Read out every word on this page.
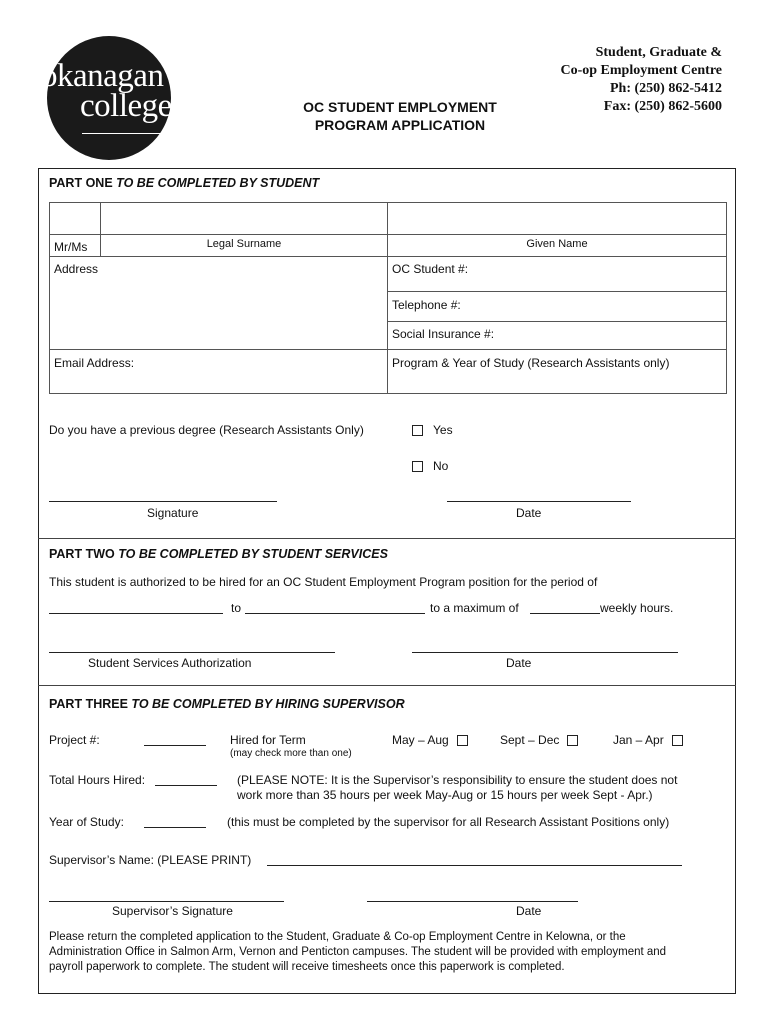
okanagan
college	OC STUDENT EMPLOYMENT
PROGRAM APPLICATION
Student, Graduate &
Co-op Employment Centre
Ph: (250) 862-5412
Fax: (250) 862-5600
PART ONE TO BE COMPLETED BY STUDENT

Mr/Ms	Legal Surname	Given Name
Address		OC Student #:
		Telephone #:
		Social Insurance #:
Email Address:		Program & Year of Study (Research Assistants only)
Do you have a previous degree (Research Assistants Only)	Yes
No
Signature	Date
PART TWO TO BE COMPLETED BY STUDENT SERVICES
This student is authorized to be hired for an OC Student Employment Program position for the period of
to	to a maximum of	weekly hours.
Student Services Authorization	Date
PART THREE TO BE COMPLETED BY HIRING SUPERVISOR
Project #:	Hired for Term
(may check more than one)
May – Aug	Sept – Dec	Jan – Apr
Total Hours Hired:	(PLEASE NOTE: It is the Supervisor’s responsibility to ensure the student does not
work more than 35 hours per week May-Aug or 15 hours per week Sept - Apr.)
Year of Study:	(this must be completed by the supervisor for all Research Assistant Positions only)
Supervisor’s Name: (PLEASE PRINT)
Supervisor’s Signature	Date
Please return the completed application to the Student, Graduate & Co-op Employment Centre in Kelowna, or the
Administration Office in Salmon Arm, Vernon and Penticton campuses. The student will be provided with employment and
payroll paperwork to complete. The student will receive timesheets once this paperwork is completed.
